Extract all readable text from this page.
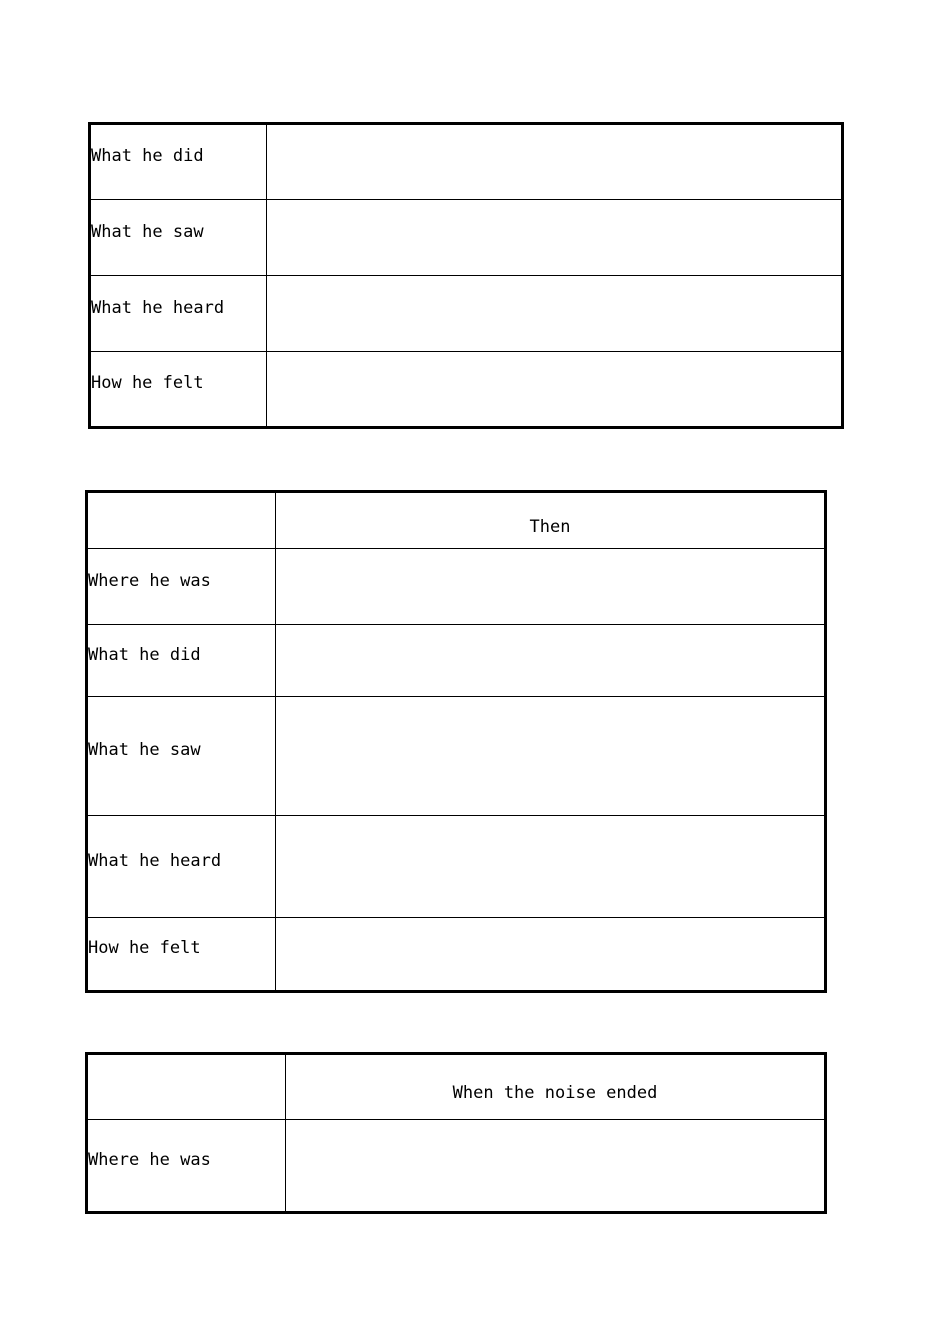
What he did	
What he saw	
What he heard	
How he felt	
	Then
Where he was	
What he did	
What he saw	
What he heard	
How he felt	
	When the noise ended
Where he was	
